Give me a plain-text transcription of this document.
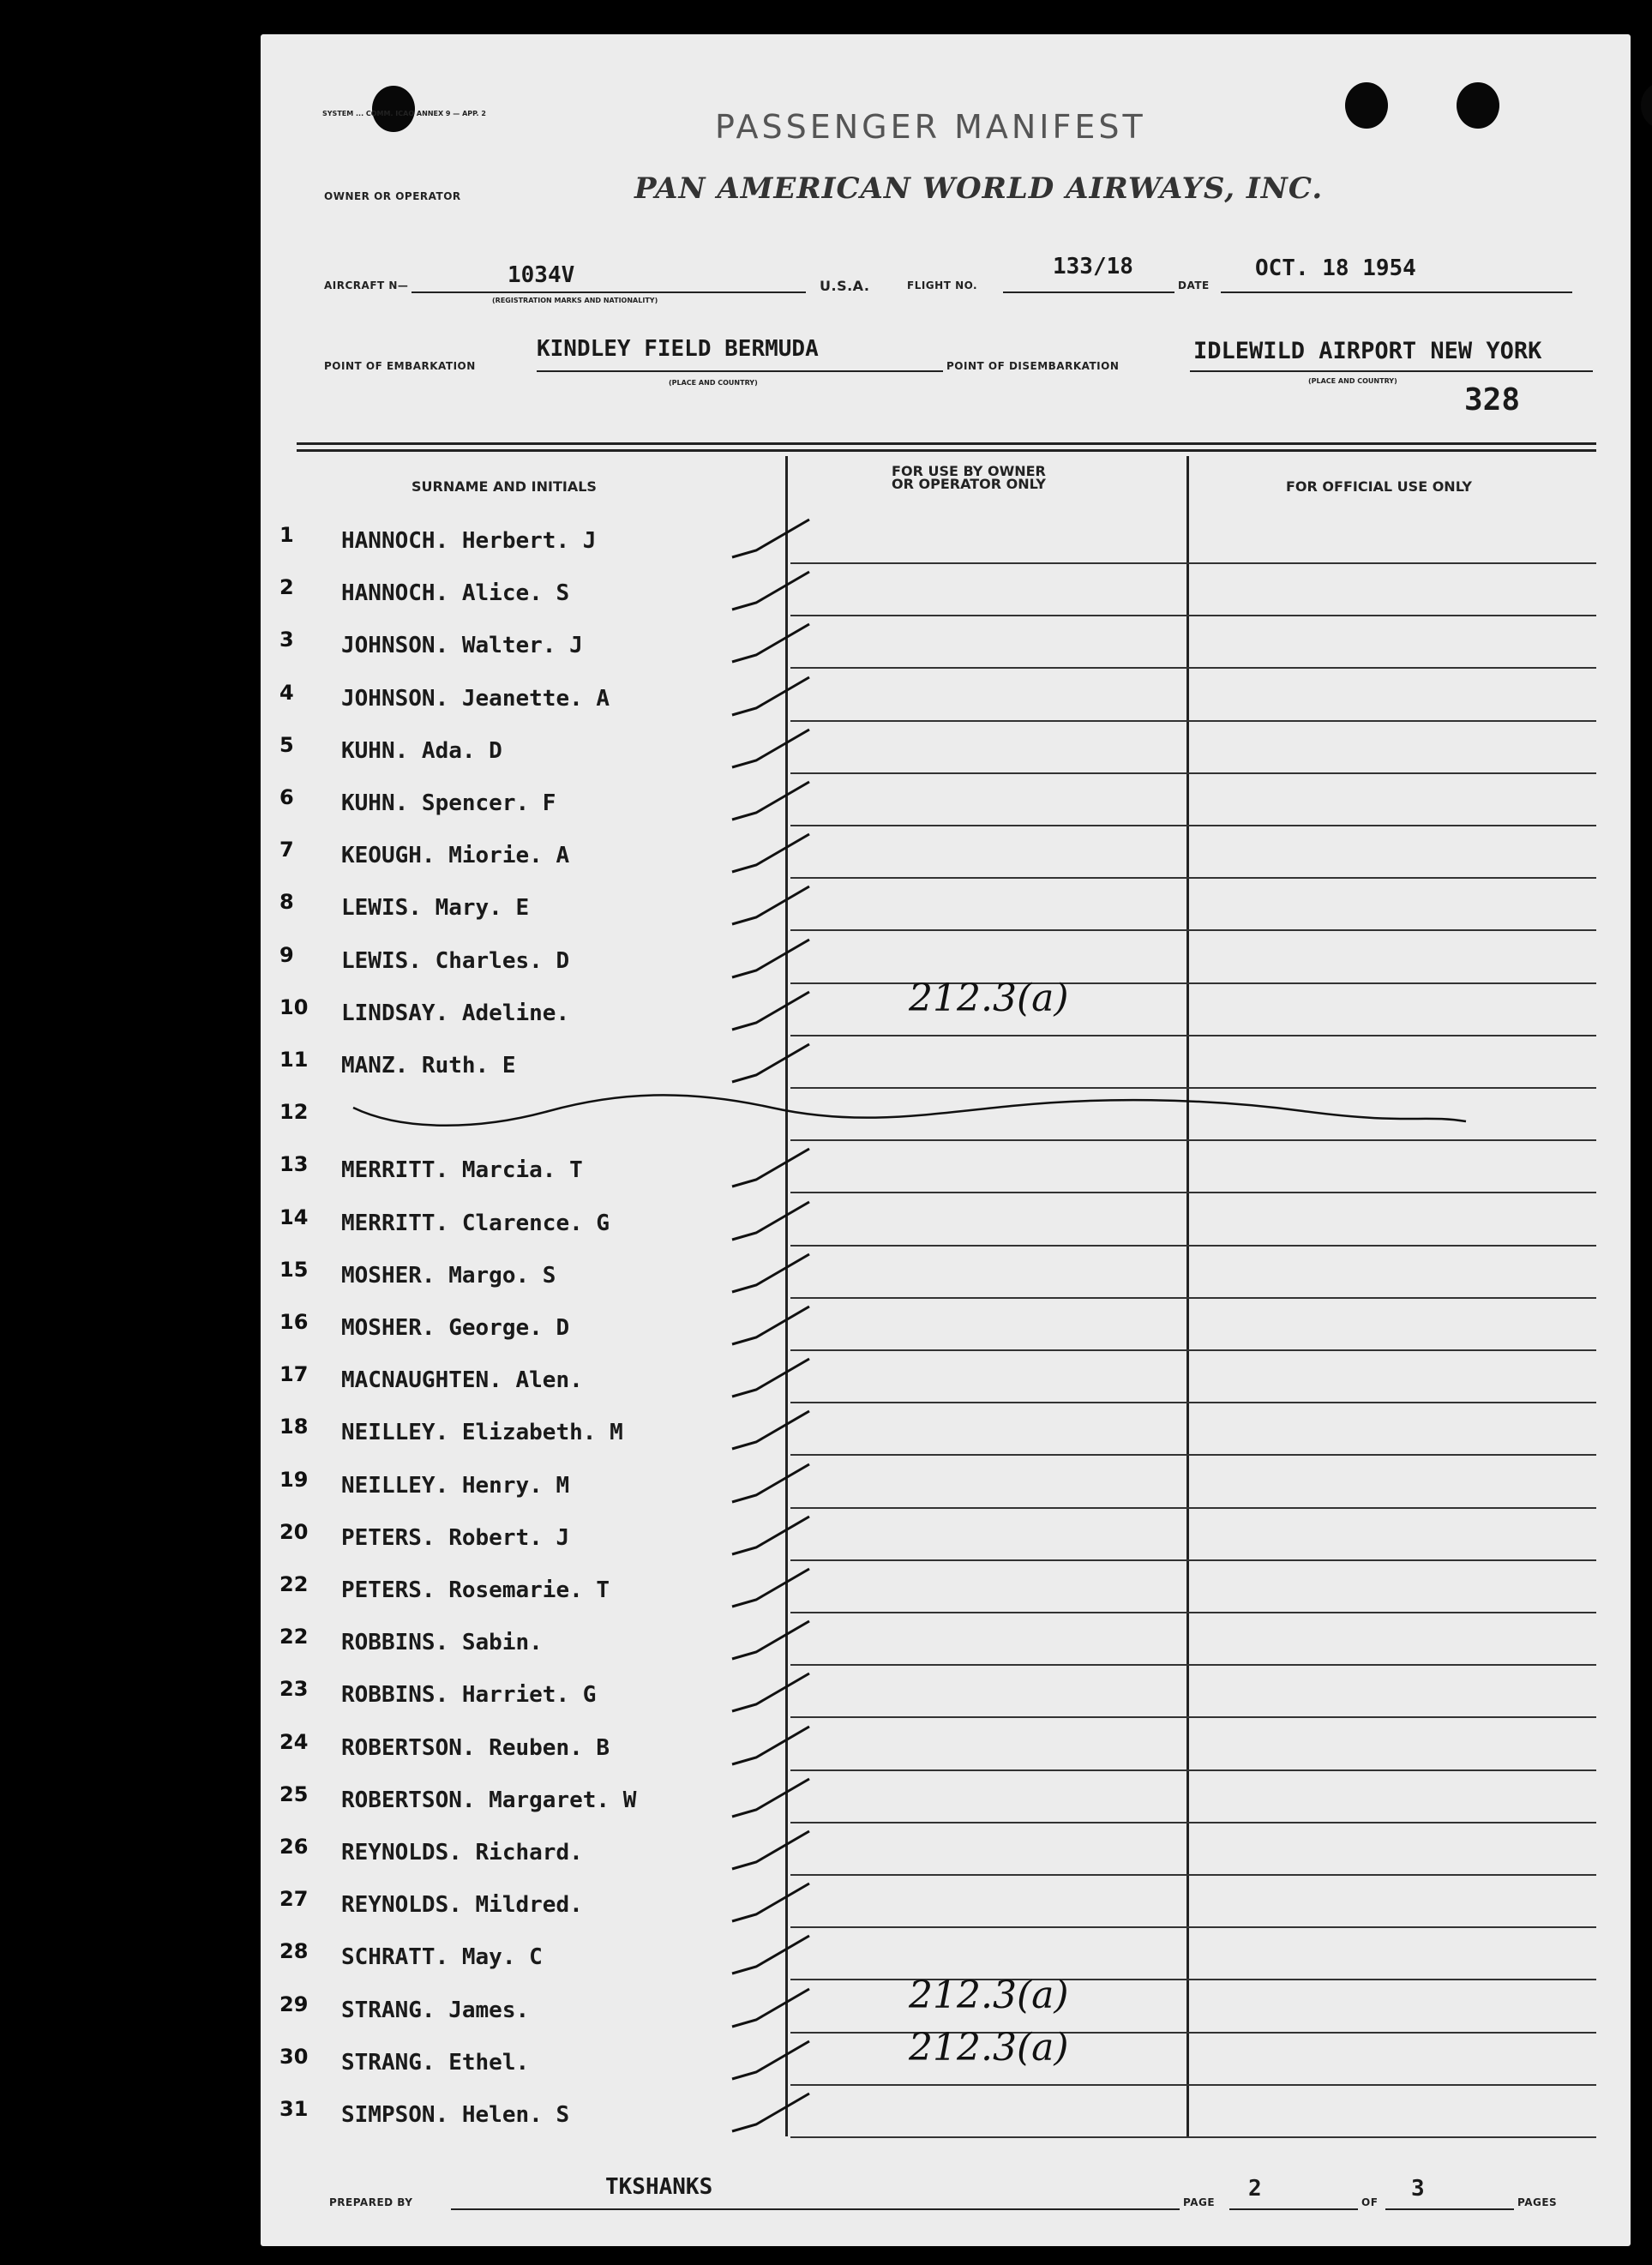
SYSTEM ... COMM. ICAO ANNEX 9 — APP. 2	PASSENGER MANIFEST
OWNER OR OPERATOR	PAN AMERICAN WORLD AIRWAYS, INC.
AIRCRAFT N—	1034V
(REGISTRATION MARKS AND NATIONALITY)
U.S.A.	FLIGHT NO.
133/18
DATE
OCT. 18 1954
POINT OF EMBARKATION
KINDLEY FIELD BERMUDA
(PLACE AND COUNTRY)
POINT OF DISEMBARKATION
IDLEWILD AIRPORT NEW YORK
(PLACE AND COUNTRY)
328
SURNAME AND INITIALS
FOR USE BY OWNER
OR OPERATOR ONLY	FOR OFFICIAL USE ONLY
1	HANNOCH. Herbert. J
2	HANNOCH. Alice. S
3	JOHNSON. Walter. J
4	JOHNSON. Jeanette. A
5	KUHN. Ada. D
6	KUHN. Spencer. F
7	KEOUGH. Miorie. A
8	LEWIS. Mary. E
9	LEWIS. Charles. D
10	LINDSAY. Adeline.	212.3(a)
11	MANZ. Ruth. E
12
13	MERRITT. Marcia. T
14	MERRITT. Clarence. G
15	MOSHER. Margo. S
16	MOSHER. George. D
17	MACNAUGHTEN. Alen.
18	NEILLEY. Elizabeth. M
19	NEILLEY. Henry. M
20	PETERS. Robert. J
22	PETERS. Rosemarie. T
22	ROBBINS. Sabin.
23	ROBBINS. Harriet. G
24	ROBERTSON. Reuben. B
25	ROBERTSON. Margaret. W
26	REYNOLDS. Richard.
27	REYNOLDS. Mildred.
28	SCHRATT. May. C
29	STRANG. James.	212.3(a)
30	STRANG. Ethel.	212.3(a)
31	SIMPSON. Helen. S
PREPARED BY
TKSHANKS
PAGE
2
OF
3
PAGES
